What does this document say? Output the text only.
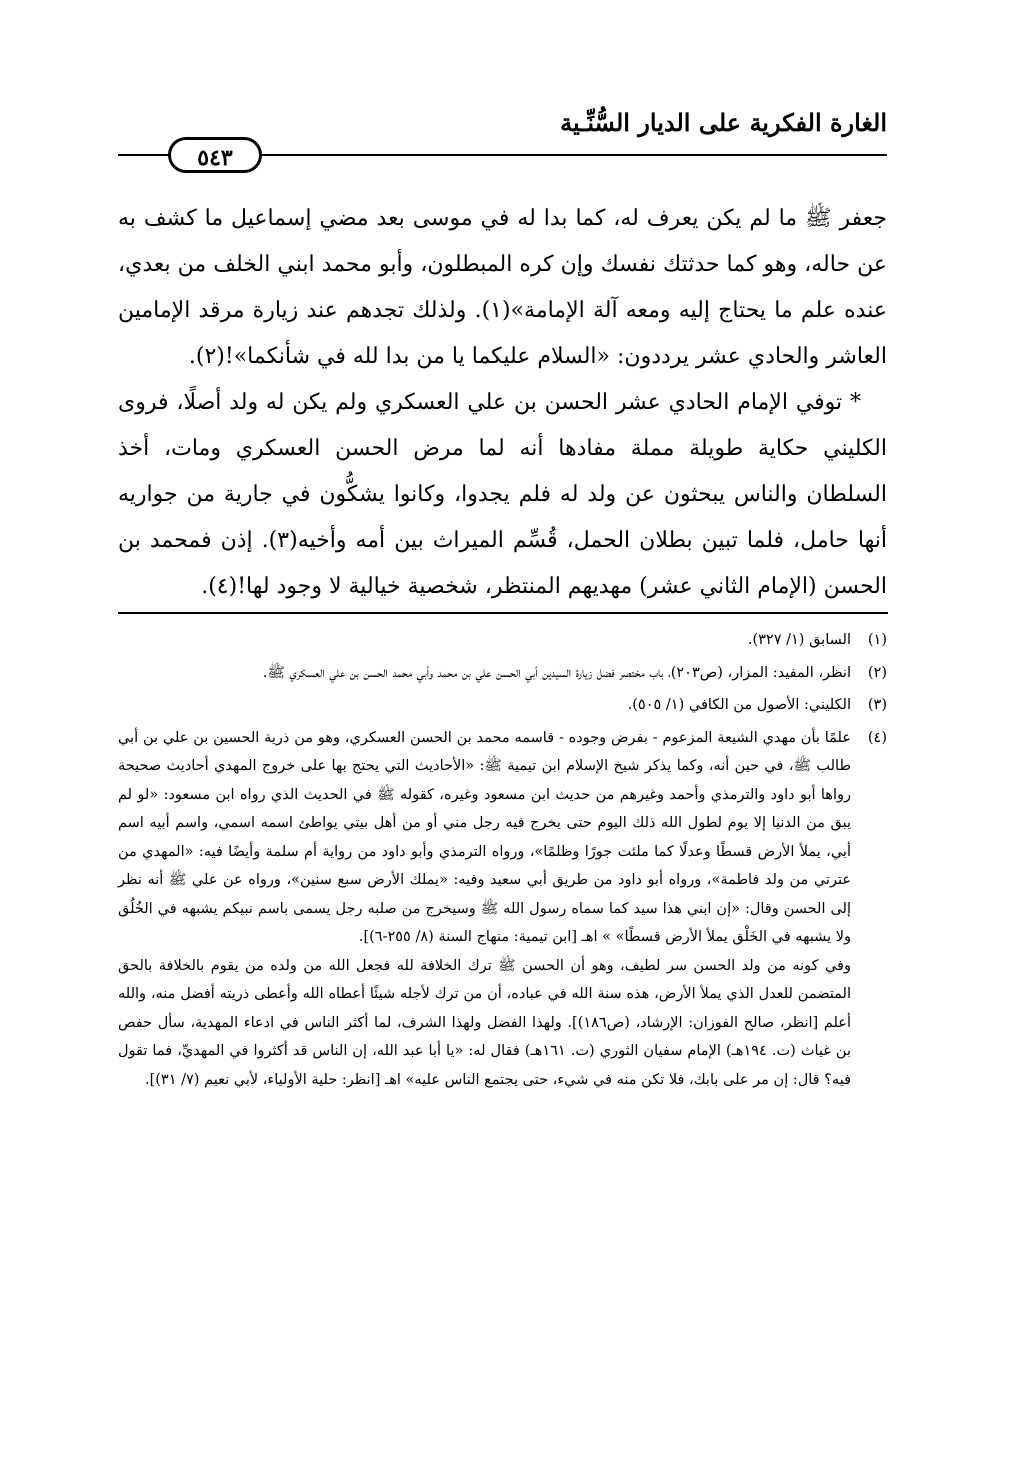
الغارة الفكرية على الديار السُّنِّـية
٥٤٣

جعفر ﷺ ما لم يكن يعرف له، كما بدا له في موسى بعد مضي إسماعيل ما كشف به عن حاله، وهو كما حدثتك نفسك وإن كره المبطلون، وأبو محمد ابني الخلف من بعدي، عنده علم ما يحتاج إليه ومعه آلة الإمامة»(١). ولذلك تجدهم عند زيارة مرقد الإمامين العاشر والحادي عشر يرددون: «السلام عليكما يا من بدا لله في شأنكما»!(٢).

* توفي الإمام الحادي عشر الحسن بن علي العسكري ولم يكن له ولد أصلًا، فروى الكليني حكاية طويلة مملة مفادها أنه لما مرض الحسن العسكري ومات، أخذ السلطان والناس يبحثون عن ولد له فلم يجدوا، وكانوا يشكُّون في جارية من جواريه أنها حامل، فلما تبين بطلان الحمل، قُسِّم الميراث بين أمه وأخيه(٣). إذن فمحمد بن الحسن (الإمام الثاني عشر) مهديهم المنتظر، شخصية خيالية لا وجود لها!(٤).

(١)

السابق (١/ ٣٢٧).

(٢)

انظر، المفيد: المزار، (ص٢٠٣)، باب مختصر فضل زيارة السيدين أبي الحسن علي بن محمد وأبي محمد الحسن بن علي العسكري ﷺ.

(٣)

الكليني: الأصول من الكافي (١/ ٥٠٥).

(٤)

علمًا بأن مهدي الشيعة المزعوم - بفرض وجوده - قاسمه محمد بن الحسن العسكري، وهو من ذرية الحسين بن علي بن أبي طالب ﷺ، في حين أنه، وكما يذكر شيخ الإسلام ابن تيمية ﷺ: «الأحاديث التي يحتج بها على خروج المهدي أحاديث صحيحة رواها أبو داود والترمذي وأحمد وغيرهم من حديث ابن مسعود وغيره، كقوله ﷺ في الحديث الذي رواه ابن مسعود: «لو لم يبق من الدنيا إلا يوم لطول الله ذلك اليوم حتى يخرج فيه رجل مني أو من أهل بيتي يواطئ اسمه اسمي، واسم أبيه اسم أبي، يملأ الأرض قسطًا وعدلًا كما ملئت جورًا وظلمًا»، ورواه الترمذي وأبو داود من رواية أم سلمة وأيضًا فيه: «المهدي من عترتي من ولد فاطمة»، ورواه أبو داود من طريق أبي سعيد وفيه: «يملك الأرض سبع سنين»، ورواه عن علي ﷺ أنه نظر إلى الحسن وقال: «إن ابني هذا سيد كما سماه رسول الله ﷺ وسيخرج من صلبه رجل يسمى باسم نبيكم يشبهه في الخُلُق ولا يشبهه في الخَلْق يملأ الأرض قسطًا» » اهـ [ابن تيمية: منهاج السنة (٨/ ٢٥٥-٦)].

وفي كونه من ولد الحسن سر لطيف، وهو أن الحسن ﷺ ترك الخلافة لله فجعل الله من ولده من يقوم بالخلافة بالحق المتضمن للعدل الذي يملأ الأرض، هذه سنة الله في عباده، أن من ترك لأجله شيئًا أعطاه الله وأعطى ذريته أفضل منه، والله أعلم [انظر، صالح الفوزان: الإرشاد، (ص١٨٦)]. ولهذا الفضل ولهذا الشرف، لما أكثر الناس في ادعاء المهدية، سأل حفص بن غياث (ت. ١٩٤هـ) الإمام سفيان الثوري (ت. ١٦١هـ) فقال له: «يا أبا عبد الله، إن الناس قد أكثروا في المهديِّ، فما تقول فيه؟ قال: إن مر على بابك، فلا تكن منه في شيء، حتى يجتمع الناس عليه» اهـ [انظر: حلية الأولياء، لأبي نعيم (٧/ ٣١)].
